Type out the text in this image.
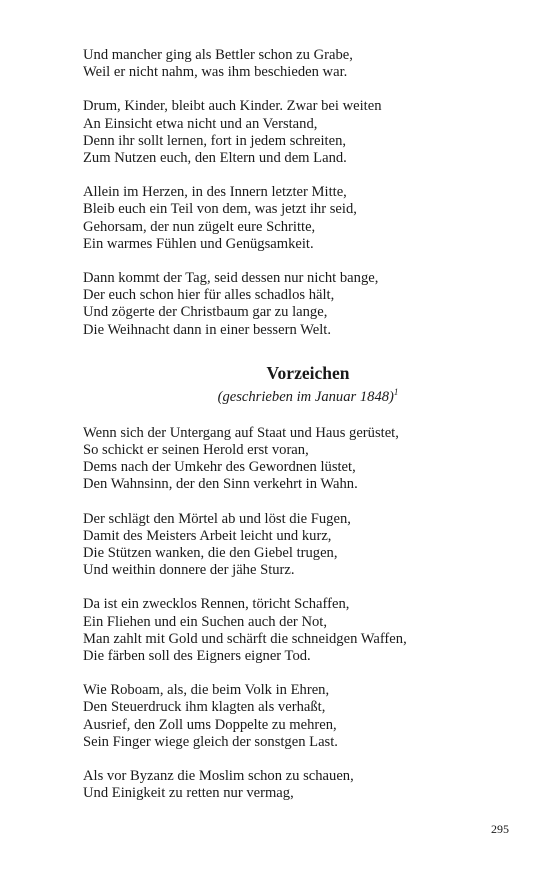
Und mancher ging als Bettler schon zu Grabe,
Weil er nicht nahm, was ihm beschieden war.
Drum, Kinder, bleibt auch Kinder. Zwar bei weiten
An Einsicht etwa nicht und an Verstand,
Denn ihr sollt lernen, fort in jedem schreiten,
Zum Nutzen euch, den Eltern und dem Land.
Allein im Herzen, in des Innern letzter Mitte,
Bleib euch ein Teil von dem, was jetzt ihr seid,
Gehorsam, der nun zügelt eure Schritte,
Ein warmes Fühlen und Genügsamkeit.
Dann kommt der Tag, seid dessen nur nicht bange,
Der euch schon hier für alles schadlos hält,
Und zögerte der Christbaum gar zu lange,
Die Weihnacht dann in einer bessern Welt.
Vorzeichen
(geschrieben im Januar 1848)$^1$
Wenn sich der Untergang auf Staat und Haus gerüstet,
So schickt er seinen Herold erst voran,
Dems nach der Umkehr des Gewordnen lüstet,
Den Wahnsinn, der den Sinn verkehrt in Wahn.
Der schlägt den Mörtel ab und löst die Fugen,
Damit des Meisters Arbeit leicht und kurz,
Die Stützen wanken, die den Giebel trugen,
Und weithin donnere der jähe Sturz.
Da ist ein zwecklos Rennen, töricht Schaffen,
Ein Fliehen und ein Suchen auch der Not,
Man zahlt mit Gold und schärft die schneidgen Waffen,
Die färben soll des Eigners eigner Tod.
Wie Roboam, als, die beim Volk in Ehren,
Den Steuerdruck ihm klagten als verhaßt,
Ausrief, den Zoll ums Doppelte zu mehren,
Sein Finger wiege gleich der sonstgen Last.
Als vor Byzanz die Moslim schon zu schauen,
Und Einigkeit zu retten nur vermag,
295
